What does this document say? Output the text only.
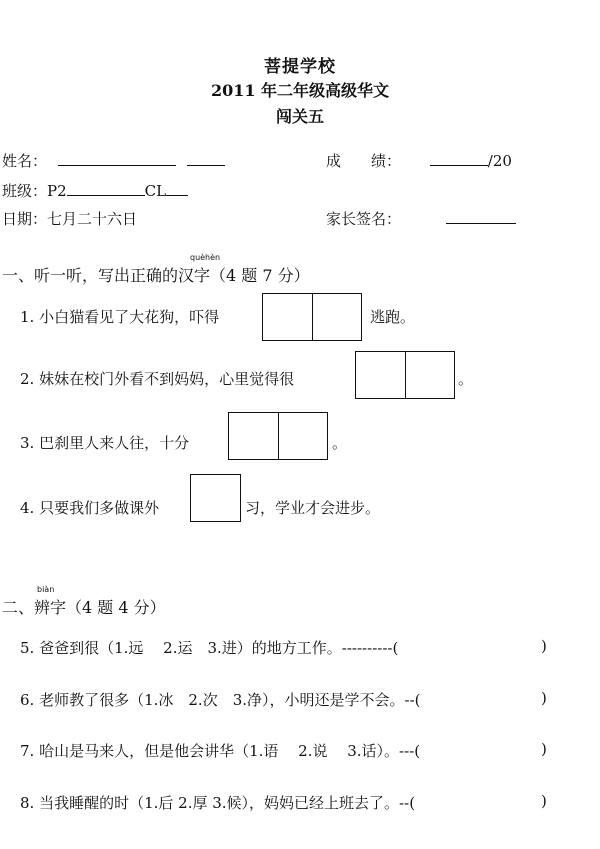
菩提学校
2011 年二年级高级华文
闯关五
姓名：	成　　绩：	/20
班级：P2	CL
日期：七月二十六日	家长签名：
què hèn
一、听一听，写出正确的汉字（4 题 7 分）
1. 小白猫看见了大花狗，吓得	逃跑。
2. 妹妹在校门外看不到妈妈，心里觉得很	。
3. 巴刹里人来人往，十分	。
4. 只要我们多做课外	习，学业才会进步。
biàn
二、辨字（4 题 4 分）
5. 爸爸到很（1.远　 2.运　3.进）的地方工作。----------(	)
6. 老师教了很多（1.冰　2.次　3.净），小明还是学不会。--(	)
7. 哈山是马来人，但是他会讲华（1.语　 2.说　 3.话）。---(	)
8. 当我睡醒的时（1.后 2.厚 3.候），妈妈已经上班去了。--(	)
